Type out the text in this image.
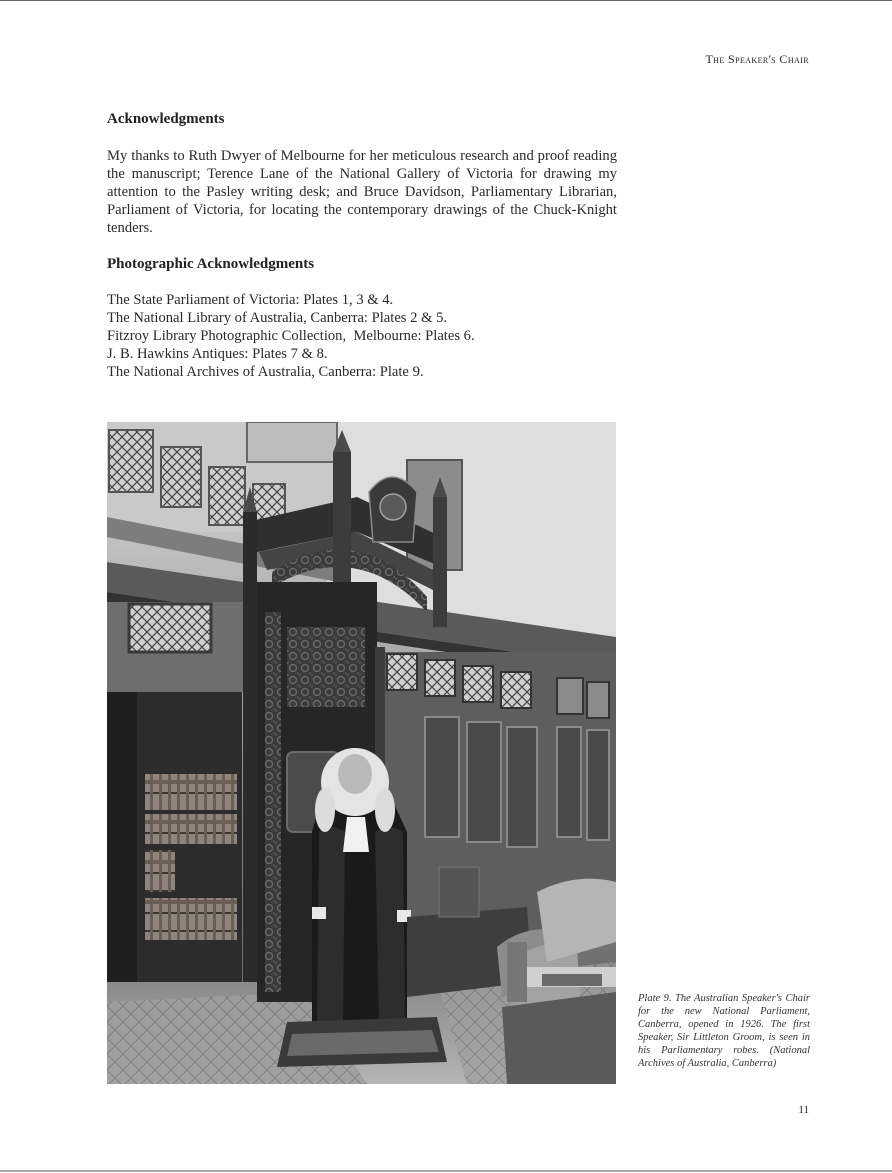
The Speaker's Chair
Acknowledgments
My thanks to Ruth Dwyer of Melbourne for her meticulous research and proof reading the manuscript; Terence Lane of the National Gallery of Victoria for drawing my attention to the Pasley writing desk; and Bruce Davidson, Parliamentary Librarian, Parliament of Victoria, for locating the contemporary drawings of the Chuck-Knight tenders.
Photographic Acknowledgments
The State Parliament of Victoria: Plates 1, 3 & 4.
The National Library of Australia, Canberra: Plates 2 & 5.
Fitzroy Library Photographic Collection,  Melbourne: Plates 6.
J. B. Hawkins Antiques: Plates 7 & 8.
The National Archives of Australia, Canberra: Plate 9.
Plate 9. The Australian Speaker's Chair for the new National Parliament, Canberra, opened in 1926. The first Speaker, Sir Littleton Groom, is seen in his Parliamentary robes. (National Archives of Australia, Canberra)
11
